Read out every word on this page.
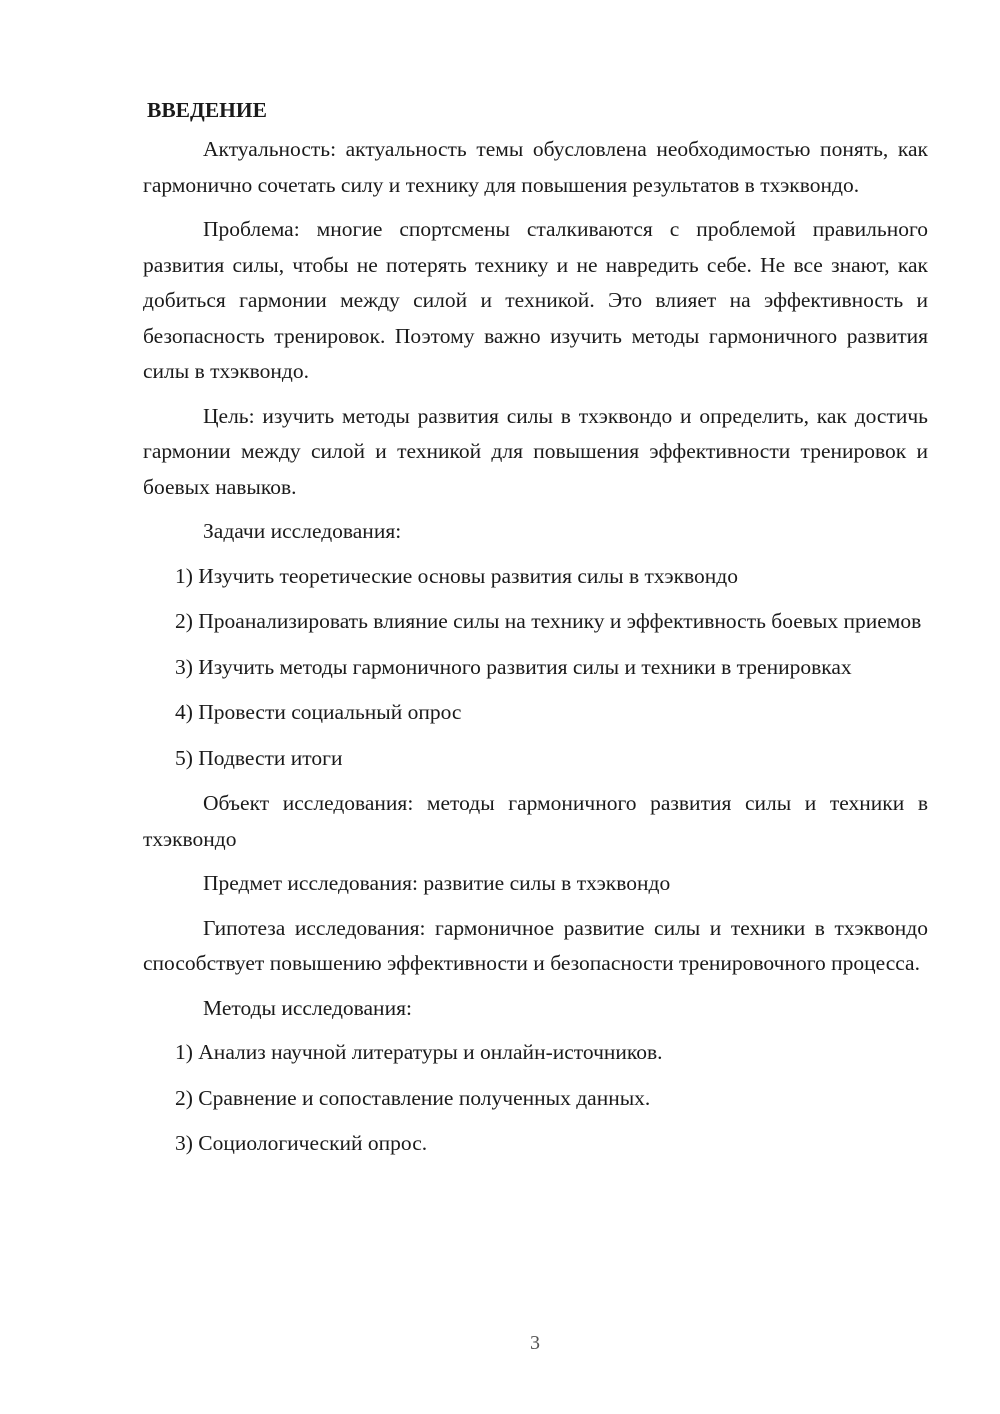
ВВЕДЕНИЕ

Актуальность: актуальность темы обусловлена необходимостью понять, как гармонично сочетать силу и технику для повышения результатов в тхэквондо.

Проблема: многие спортсмены сталкиваются с проблемой правильного развития силы, чтобы не потерять технику и не навредить себе. Не все знают, как добиться гармонии между силой и техникой. Это влияет на эффективность и безопасность тренировок. Поэтому важно изучить методы гармоничного развития силы в тхэквондо.

Цель: изучить методы развития силы в тхэквондо и определить, как достичь гармонии между силой и техникой для повышения эффективности тренировок и боевых навыков.

Задачи исследования:

1) Изучить теоретические основы развития силы в тхэквондо

2) Проанализировать влияние силы на технику и эффективность боевых приемов

3) Изучить методы гармоничного развития силы и техники в тренировках

4) Провести социальный опрос

5) Подвести итоги

Объект исследования: методы гармоничного развития силы и техники в тхэквондо

Предмет исследования: развитие силы в тхэквондо

Гипотеза исследования: гармоничное развитие силы и техники в тхэквондо способствует повышению эффективности и безопасности тренировочного процесса.

Методы исследования:

1) Анализ научной литературы и онлайн-источников.

2) Сравнение и сопоставление полученных данных.

3) Социологический опрос.

3
